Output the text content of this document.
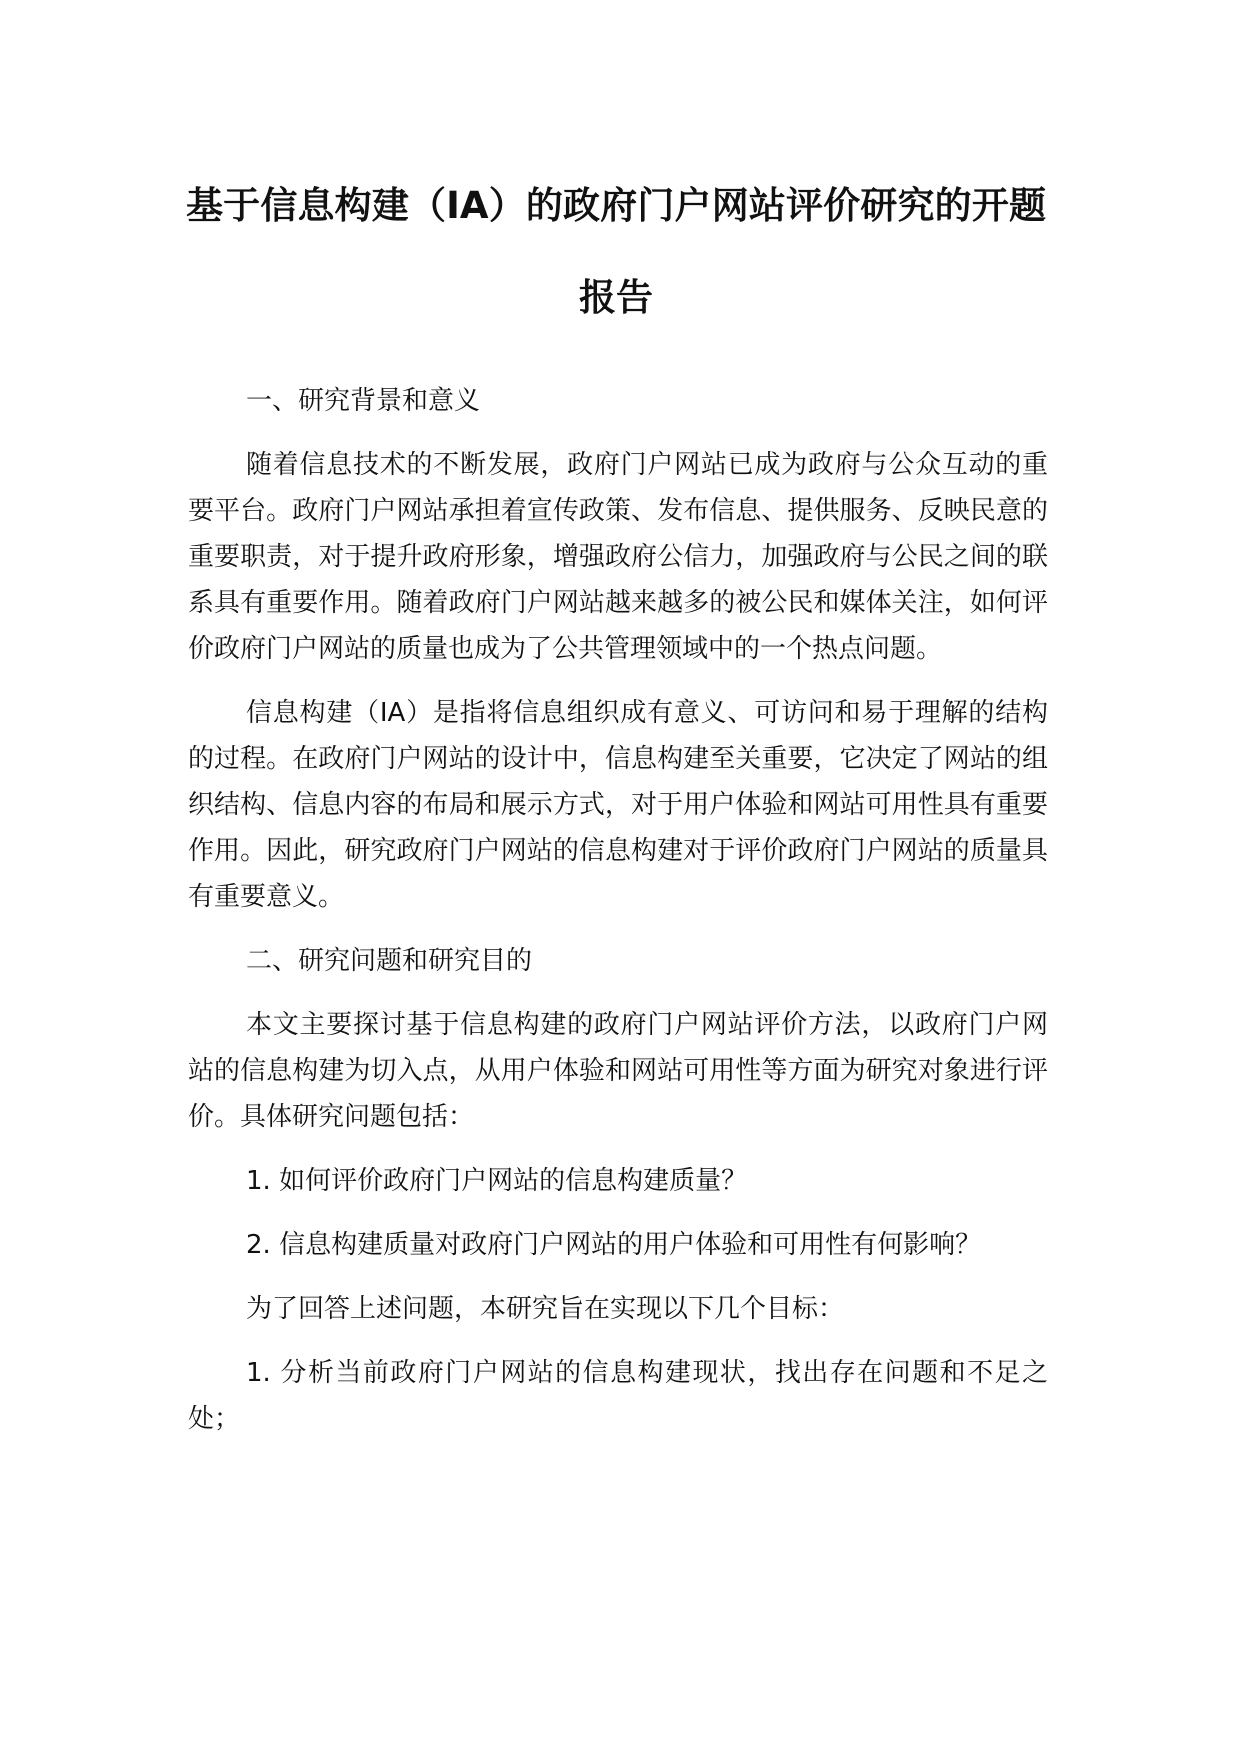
基于信息构建（IA）的政府门户网站评价研究的开题报告

一、研究背景和意义

随着信息技术的不断发展，政府门户网站已成为政府与公众互动的重要平台。政府门户网站承担着宣传政策、发布信息、提供服务、反映民意的重要职责，对于提升政府形象，增强政府公信力，加强政府与公民之间的联系具有重要作用。随着政府门户网站越来越多的被公民和媒体关注，如何评价政府门户网站的质量也成为了公共管理领域中的一个热点问题。

信息构建（IA）是指将信息组织成有意义、可访问和易于理解的结构的过程。在政府门户网站的设计中，信息构建至关重要，它决定了网站的组织结构、信息内容的布局和展示方式，对于用户体验和网站可用性具有重要作用。因此，研究政府门户网站的信息构建对于评价政府门户网站的质量具有重要意义。

二、研究问题和研究目的

本文主要探讨基于信息构建的政府门户网站评价方法，以政府门户网站的信息构建为切入点，从用户体验和网站可用性等方面为研究对象进行评价。具体研究问题包括：

1. 如何评价政府门户网站的信息构建质量？

2. 信息构建质量对政府门户网站的用户体验和可用性有何影响？

为了回答上述问题，本研究旨在实现以下几个目标：

1. 分析当前政府门户网站的信息构建现状，找出存在问题和不足之处；
